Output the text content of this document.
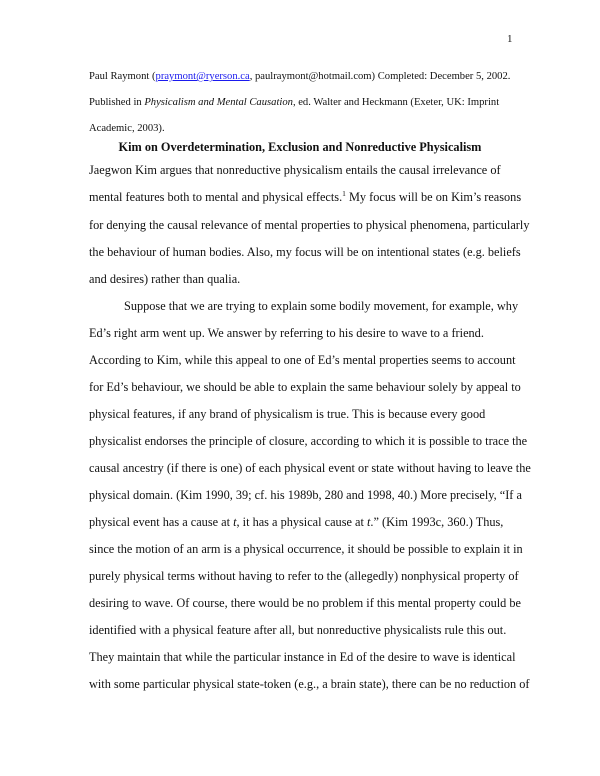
1
Paul Raymont (praymont@ryerson.ca, paulraymont@hotmail.com) Completed: December 5, 2002.
Published in Physicalism and Mental Causation, ed. Walter and Heckmann (Exeter, UK: Imprint
Academic, 2003).
Kim on Overdetermination, Exclusion and Nonreductive Physicalism
Jaegwon Kim argues that nonreductive physicalism entails the causal irrelevance of
mental features both to mental and physical effects.$^1$ My focus will be on Kim’s reasons
for denying the causal relevance of mental properties to physical phenomena, particularly
the behaviour of human bodies. Also, my focus will be on intentional states (e.g. beliefs
and desires) rather than qualia.
Suppose that we are trying to explain some bodily movement, for example, why
Ed’s right arm went up. We answer by referring to his desire to wave to a friend.
According to Kim, while this appeal to one of Ed’s mental properties seems to account
for Ed’s behaviour, we should be able to explain the same behaviour solely by appeal to
physical features, if any brand of physicalism is true. This is because every good
physicalist endorses the principle of closure, according to which it is possible to trace the
causal ancestry (if there is one) of each physical event or state without having to leave the
physical domain. (Kim 1990, 39; cf. his 1989b, 280 and 1998, 40.) More precisely, “If a
physical event has a cause at t, it has a physical cause at t.” (Kim 1993c, 360.) Thus,
since the motion of an arm is a physical occurrence, it should be possible to explain it in
purely physical terms without having to refer to the (allegedly) nonphysical property of
desiring to wave. Of course, there would be no problem if this mental property could be
identified with a physical feature after all, but nonreductive physicalists rule this out.
They maintain that while the particular instance in Ed of the desire to wave is identical
with some particular physical state-token (e.g., a brain state), there can be no reduction of
